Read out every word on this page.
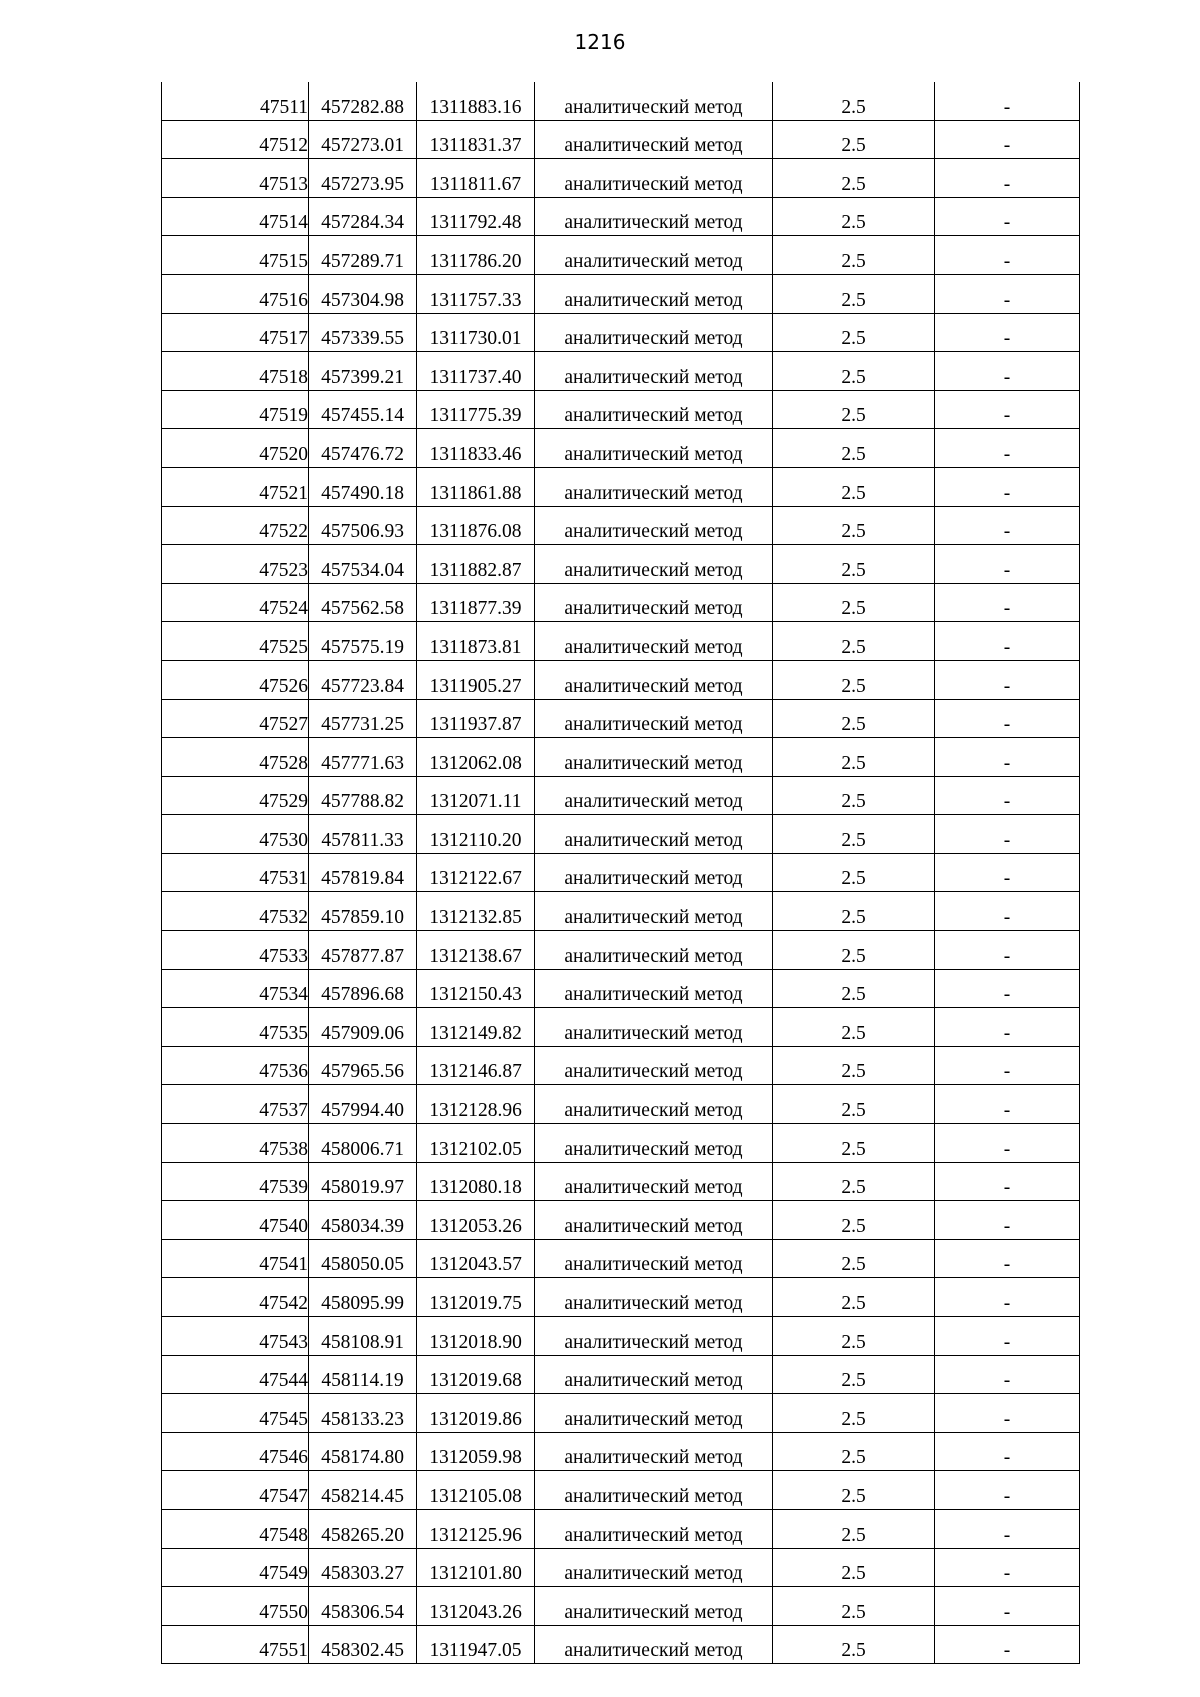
1216
47511	457282.88	1311883.16	аналитический метод	2.5	-
47512	457273.01	1311831.37	аналитический метод	2.5	-
47513	457273.95	1311811.67	аналитический метод	2.5	-
47514	457284.34	1311792.48	аналитический метод	2.5	-
47515	457289.71	1311786.20	аналитический метод	2.5	-
47516	457304.98	1311757.33	аналитический метод	2.5	-
47517	457339.55	1311730.01	аналитический метод	2.5	-
47518	457399.21	1311737.40	аналитический метод	2.5	-
47519	457455.14	1311775.39	аналитический метод	2.5	-
47520	457476.72	1311833.46	аналитический метод	2.5	-
47521	457490.18	1311861.88	аналитический метод	2.5	-
47522	457506.93	1311876.08	аналитический метод	2.5	-
47523	457534.04	1311882.87	аналитический метод	2.5	-
47524	457562.58	1311877.39	аналитический метод	2.5	-
47525	457575.19	1311873.81	аналитический метод	2.5	-
47526	457723.84	1311905.27	аналитический метод	2.5	-
47527	457731.25	1311937.87	аналитический метод	2.5	-
47528	457771.63	1312062.08	аналитический метод	2.5	-
47529	457788.82	1312071.11	аналитический метод	2.5	-
47530	457811.33	1312110.20	аналитический метод	2.5	-
47531	457819.84	1312122.67	аналитический метод	2.5	-
47532	457859.10	1312132.85	аналитический метод	2.5	-
47533	457877.87	1312138.67	аналитический метод	2.5	-
47534	457896.68	1312150.43	аналитический метод	2.5	-
47535	457909.06	1312149.82	аналитический метод	2.5	-
47536	457965.56	1312146.87	аналитический метод	2.5	-
47537	457994.40	1312128.96	аналитический метод	2.5	-
47538	458006.71	1312102.05	аналитический метод	2.5	-
47539	458019.97	1312080.18	аналитический метод	2.5	-
47540	458034.39	1312053.26	аналитический метод	2.5	-
47541	458050.05	1312043.57	аналитический метод	2.5	-
47542	458095.99	1312019.75	аналитический метод	2.5	-
47543	458108.91	1312018.90	аналитический метод	2.5	-
47544	458114.19	1312019.68	аналитический метод	2.5	-
47545	458133.23	1312019.86	аналитический метод	2.5	-
47546	458174.80	1312059.98	аналитический метод	2.5	-
47547	458214.45	1312105.08	аналитический метод	2.5	-
47548	458265.20	1312125.96	аналитический метод	2.5	-
47549	458303.27	1312101.80	аналитический метод	2.5	-
47550	458306.54	1312043.26	аналитический метод	2.5	-
47551	458302.45	1311947.05	аналитический метод	2.5	-
